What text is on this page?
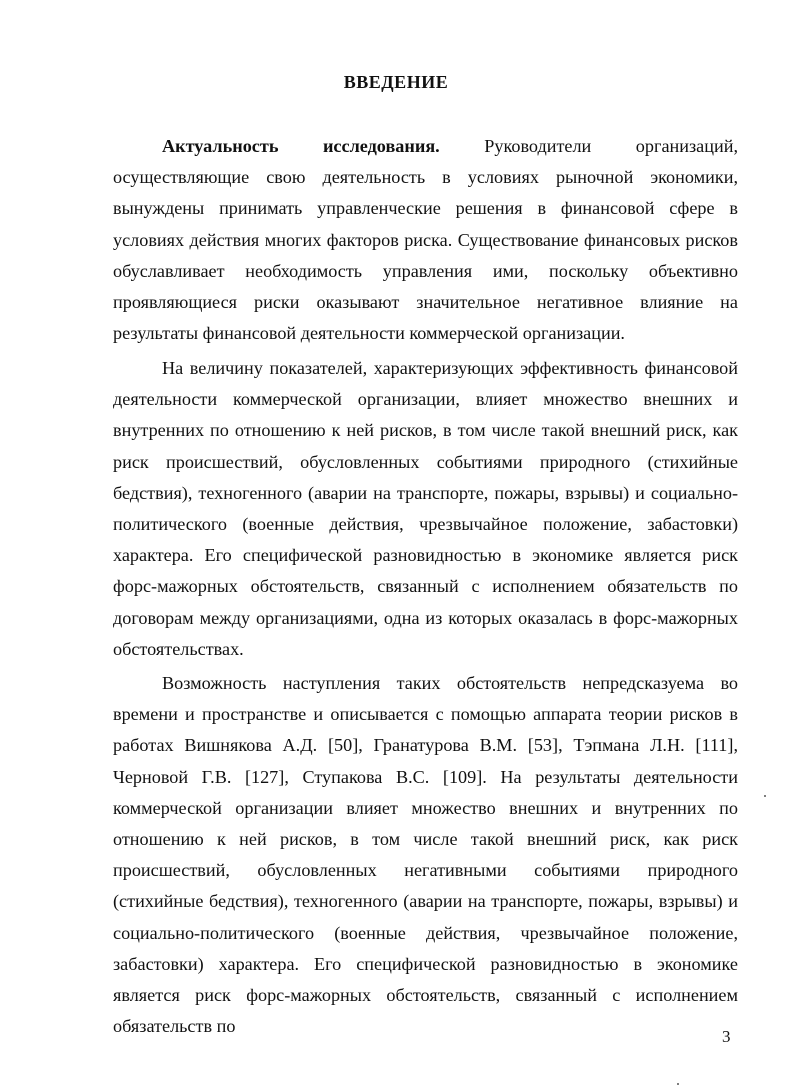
ВВЕДЕНИЕ

Актуальность исследования. Руководители организаций, осуществляющие свою деятельность в условиях рыночной экономики, вынуждены принимать управленческие решения в финансовой сфере в условиях действия многих факторов риска. Существование финансовых рисков обуславливает необходимость управления ими, поскольку объективно проявляющиеся риски оказывают значительное негативное влияние на результаты финансовой деятельности коммерческой организации.

На величину показателей, характеризующих эффективность финансовой деятельности коммерческой организации, влияет множество внешних и внутренних по отношению к ней рисков, в том числе такой внешний риск, как риск происшествий, обусловленных событиями природного (стихийные бедствия), техногенного (аварии на транспорте, пожары, взрывы) и социально-политического (военные действия, чрезвычайное положение, забастовки) характера. Его специфической разновидностью в экономике является риск форс-мажорных обстоятельств, связанный с исполнением обязательств по договорам между организациями, одна из которых оказалась в форс-мажорных обстоятельствах.

Возможность наступления таких обстоятельств непредсказуема во времени и пространстве и описывается с помощью аппарата теории рисков в работах Вишнякова А.Д. [50], Гранатурова В.М. [53], Тэпмана Л.Н. [111], Черновой Г.В. [127], Ступакова В.С. [109]. На результаты деятельности коммерческой организации влияет множество внешних и внутренних по отношению к ней рисков, в том числе такой внешний риск, как риск происшествий, обусловленных негативными событиями природного (стихийные бедствия), техногенного (аварии на транспорте, пожары, взрывы) и социально-политического (военные действия, чрезвычайное положение, забастовки) характера. Его специфической разновидностью в экономике является риск форс-мажорных обстоятельств, связанный с исполнением обязательств по

3
